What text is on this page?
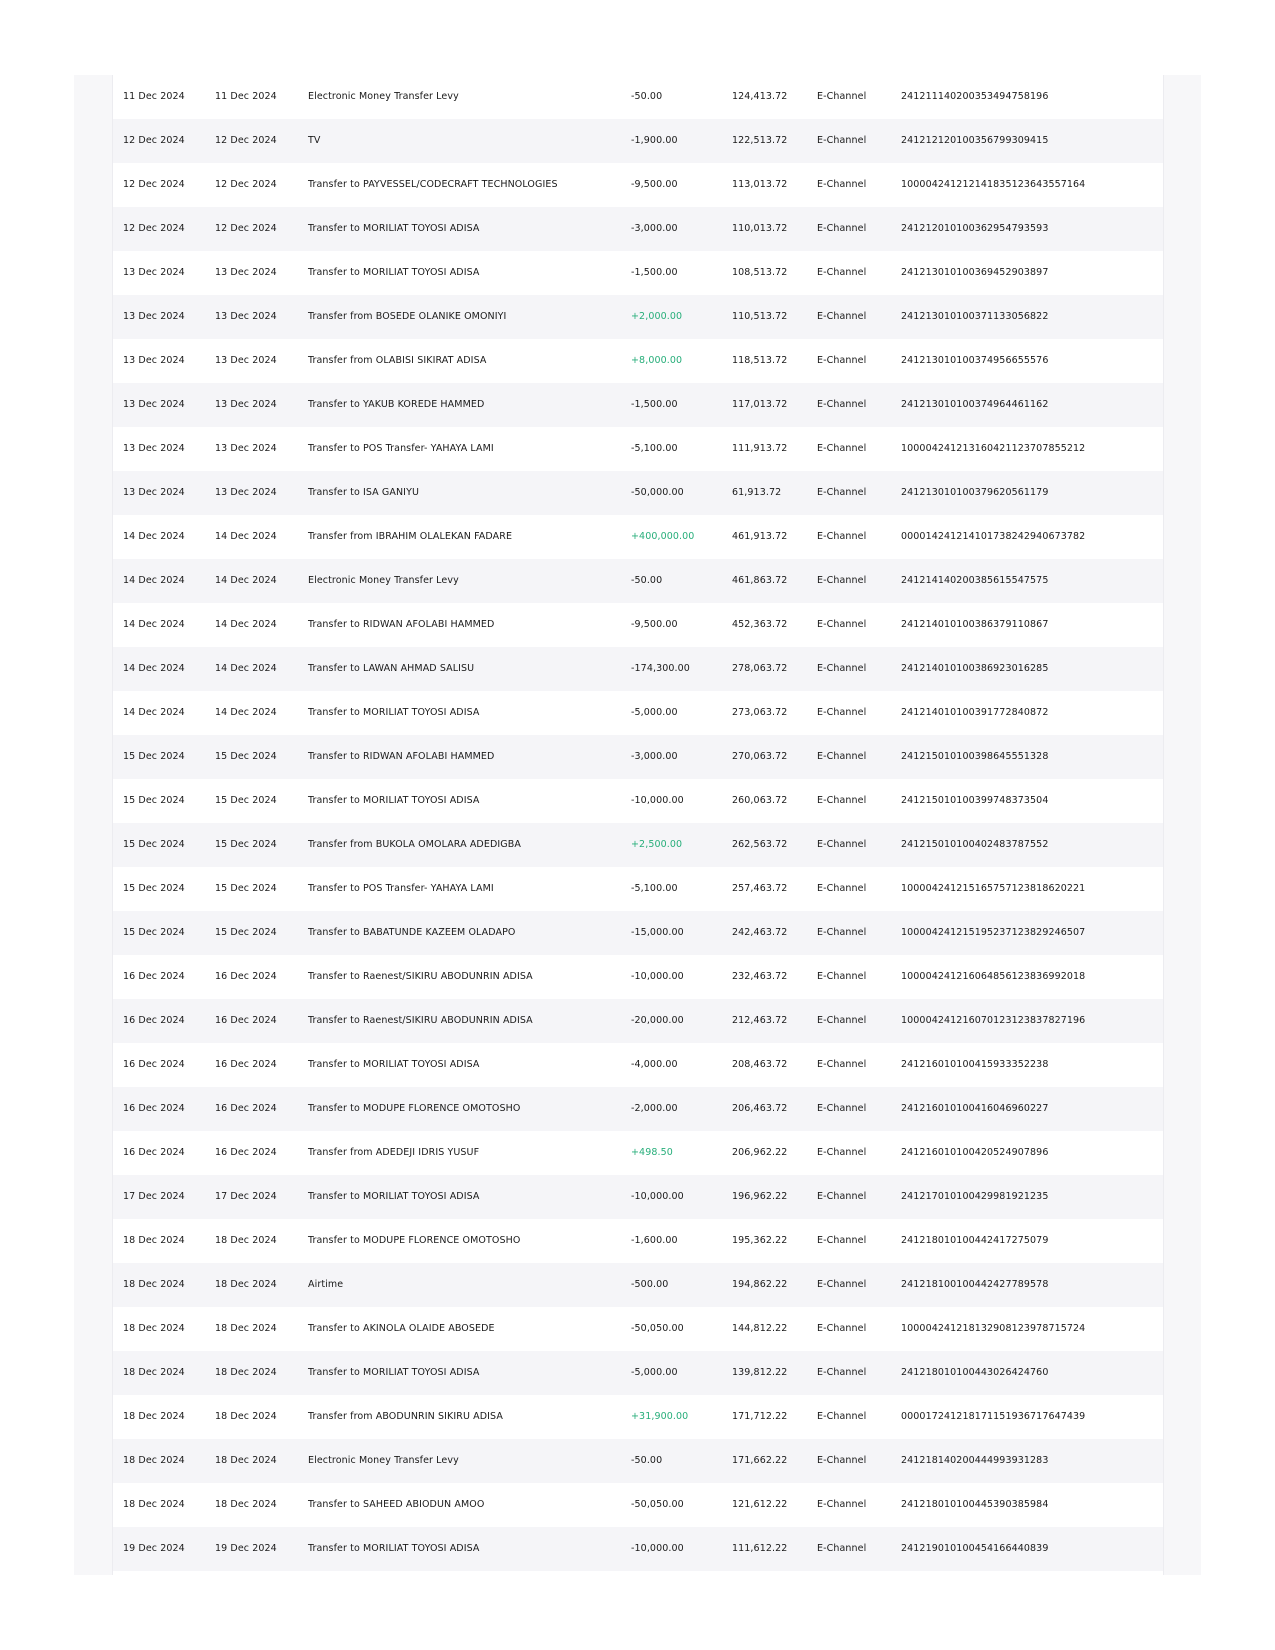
11 Dec 2024	11 Dec 2024	Electronic Money Transfer Levy	-50.00	124,413.72	E-Channel	241211140200353494758196
12 Dec 2024	12 Dec 2024	TV	-1,900.00	122,513.72	E-Channel	241212120100356799309415
12 Dec 2024	12 Dec 2024	Transfer to PAYVESSEL/CODECRAFT TECHNOLOGIES	-9,500.00	113,013.72	E-Channel	100004241212141835123643557164
12 Dec 2024	12 Dec 2024	Transfer to MORILIAT TOYOSI ADISA	-3,000.00	110,013.72	E-Channel	241212010100362954793593
13 Dec 2024	13 Dec 2024	Transfer to MORILIAT TOYOSI ADISA	-1,500.00	108,513.72	E-Channel	241213010100369452903897
13 Dec 2024	13 Dec 2024	Transfer from BOSEDE OLANIKE OMONIYI	+2,000.00	110,513.72	E-Channel	241213010100371133056822
13 Dec 2024	13 Dec 2024	Transfer from OLABISI SIKIRAT ADISA	+8,000.00	118,513.72	E-Channel	241213010100374956655576
13 Dec 2024	13 Dec 2024	Transfer to YAKUB KOREDE HAMMED	-1,500.00	117,013.72	E-Channel	241213010100374964461162
13 Dec 2024	13 Dec 2024	Transfer to POS Transfer- YAHAYA LAMI	-5,100.00	111,913.72	E-Channel	100004241213160421123707855212
13 Dec 2024	13 Dec 2024	Transfer to ISA GANIYU	-50,000.00	61,913.72	E-Channel	241213010100379620561179
14 Dec 2024	14 Dec 2024	Transfer from IBRAHIM OLALEKAN FADARE	+400,000.00	461,913.72	E-Channel	000014241214101738242940673782
14 Dec 2024	14 Dec 2024	Electronic Money Transfer Levy	-50.00	461,863.72	E-Channel	241214140200385615547575
14 Dec 2024	14 Dec 2024	Transfer to RIDWAN AFOLABI HAMMED	-9,500.00	452,363.72	E-Channel	241214010100386379110867
14 Dec 2024	14 Dec 2024	Transfer to LAWAN AHMAD SALISU	-174,300.00	278,063.72	E-Channel	241214010100386923016285
14 Dec 2024	14 Dec 2024	Transfer to MORILIAT TOYOSI ADISA	-5,000.00	273,063.72	E-Channel	241214010100391772840872
15 Dec 2024	15 Dec 2024	Transfer to RIDWAN AFOLABI HAMMED	-3,000.00	270,063.72	E-Channel	241215010100398645551328
15 Dec 2024	15 Dec 2024	Transfer to MORILIAT TOYOSI ADISA	-10,000.00	260,063.72	E-Channel	241215010100399748373504
15 Dec 2024	15 Dec 2024	Transfer from BUKOLA OMOLARA ADEDIGBA	+2,500.00	262,563.72	E-Channel	241215010100402483787552
15 Dec 2024	15 Dec 2024	Transfer to POS Transfer- YAHAYA LAMI	-5,100.00	257,463.72	E-Channel	100004241215165757123818620221
15 Dec 2024	15 Dec 2024	Transfer to BABATUNDE KAZEEM OLADAPO	-15,000.00	242,463.72	E-Channel	100004241215195237123829246507
16 Dec 2024	16 Dec 2024	Transfer to Raenest/SIKIRU ABODUNRIN ADISA	-10,000.00	232,463.72	E-Channel	100004241216064856123836992018
16 Dec 2024	16 Dec 2024	Transfer to Raenest/SIKIRU ABODUNRIN ADISA	-20,000.00	212,463.72	E-Channel	100004241216070123123837827196
16 Dec 2024	16 Dec 2024	Transfer to MORILIAT TOYOSI ADISA	-4,000.00	208,463.72	E-Channel	241216010100415933352238
16 Dec 2024	16 Dec 2024	Transfer to MODUPE FLORENCE OMOTOSHO	-2,000.00	206,463.72	E-Channel	241216010100416046960227
16 Dec 2024	16 Dec 2024	Transfer from ADEDEJI IDRIS YUSUF	+498.50	206,962.22	E-Channel	241216010100420524907896
17 Dec 2024	17 Dec 2024	Transfer to MORILIAT TOYOSI ADISA	-10,000.00	196,962.22	E-Channel	241217010100429981921235
18 Dec 2024	18 Dec 2024	Transfer to MODUPE FLORENCE OMOTOSHO	-1,600.00	195,362.22	E-Channel	241218010100442417275079
18 Dec 2024	18 Dec 2024	Airtime	-500.00	194,862.22	E-Channel	241218100100442427789578
18 Dec 2024	18 Dec 2024	Transfer to AKINOLA OLAIDE ABOSEDE	-50,050.00	144,812.22	E-Channel	100004241218132908123978715724
18 Dec 2024	18 Dec 2024	Transfer to MORILIAT TOYOSI ADISA	-5,000.00	139,812.22	E-Channel	241218010100443026424760
18 Dec 2024	18 Dec 2024	Transfer from ABODUNRIN SIKIRU ADISA	+31,900.00	171,712.22	E-Channel	000017241218171151936717647439
18 Dec 2024	18 Dec 2024	Electronic Money Transfer Levy	-50.00	171,662.22	E-Channel	241218140200444993931283
18 Dec 2024	18 Dec 2024	Transfer to SAHEED ABIODUN AMOO	-50,050.00	121,612.22	E-Channel	241218010100445390385984
19 Dec 2024	19 Dec 2024	Transfer to MORILIAT TOYOSI ADISA	-10,000.00	111,612.22	E-Channel	241219010100454166440839
